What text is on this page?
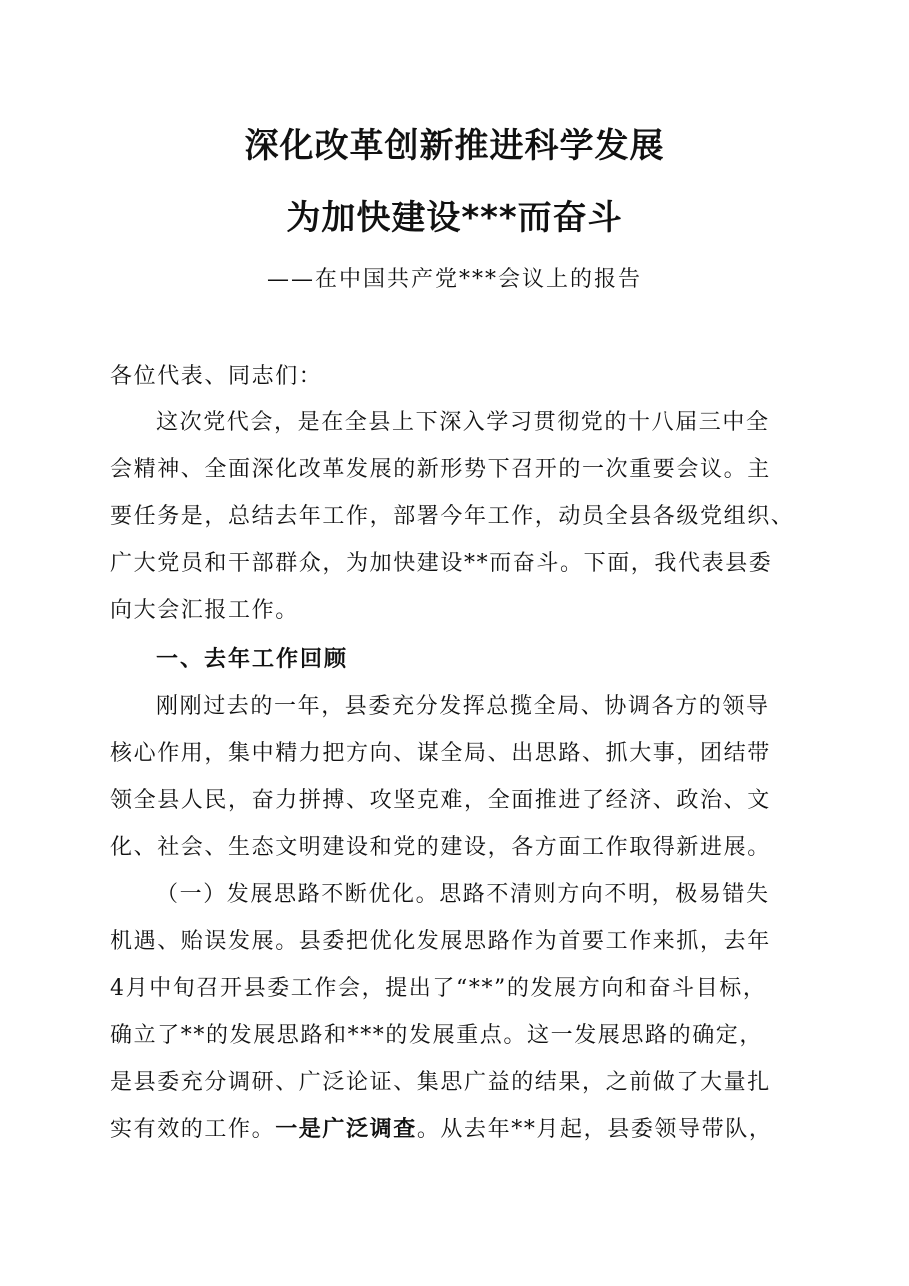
深化改革创新推进科学发展
为加快建设***而奋斗
——在中国共产党***会议上的报告
各位代表、同志们：
这次党代会，是在全县上下深入学习贯彻党的十八届三中全
会精神、全面深化改革发展的新形势下召开的一次重要会议。主
要任务是，总结去年工作，部署今年工作，动员全县各级党组织、
广大党员和干部群众，为加快建设**而奋斗。下面，我代表县委
向大会汇报工作。
一、去年工作回顾
刚刚过去的一年，县委充分发挥总揽全局、协调各方的领导
核心作用，集中精力把方向、谋全局、出思路、抓大事，团结带
领全县人民，奋力拼搏、攻坚克难，全面推进了经济、政治、文
化、社会、生态文明建设和党的建设，各方面工作取得新进展。
（一）发展思路不断优化。思路不清则方向不明，极易错失
机遇、贻误发展。县委把优化发展思路作为首要工作来抓，去年
4月中旬召开县委工作会，提出了“**”的发展方向和奋斗目标，
确立了**的发展思路和***的发展重点。这一发展思路的确定，
是县委充分调研、广泛论证、集思广益的结果，之前做了大量扎
实有效的工作。一是广泛调查。从去年**月起，县委领导带队，
